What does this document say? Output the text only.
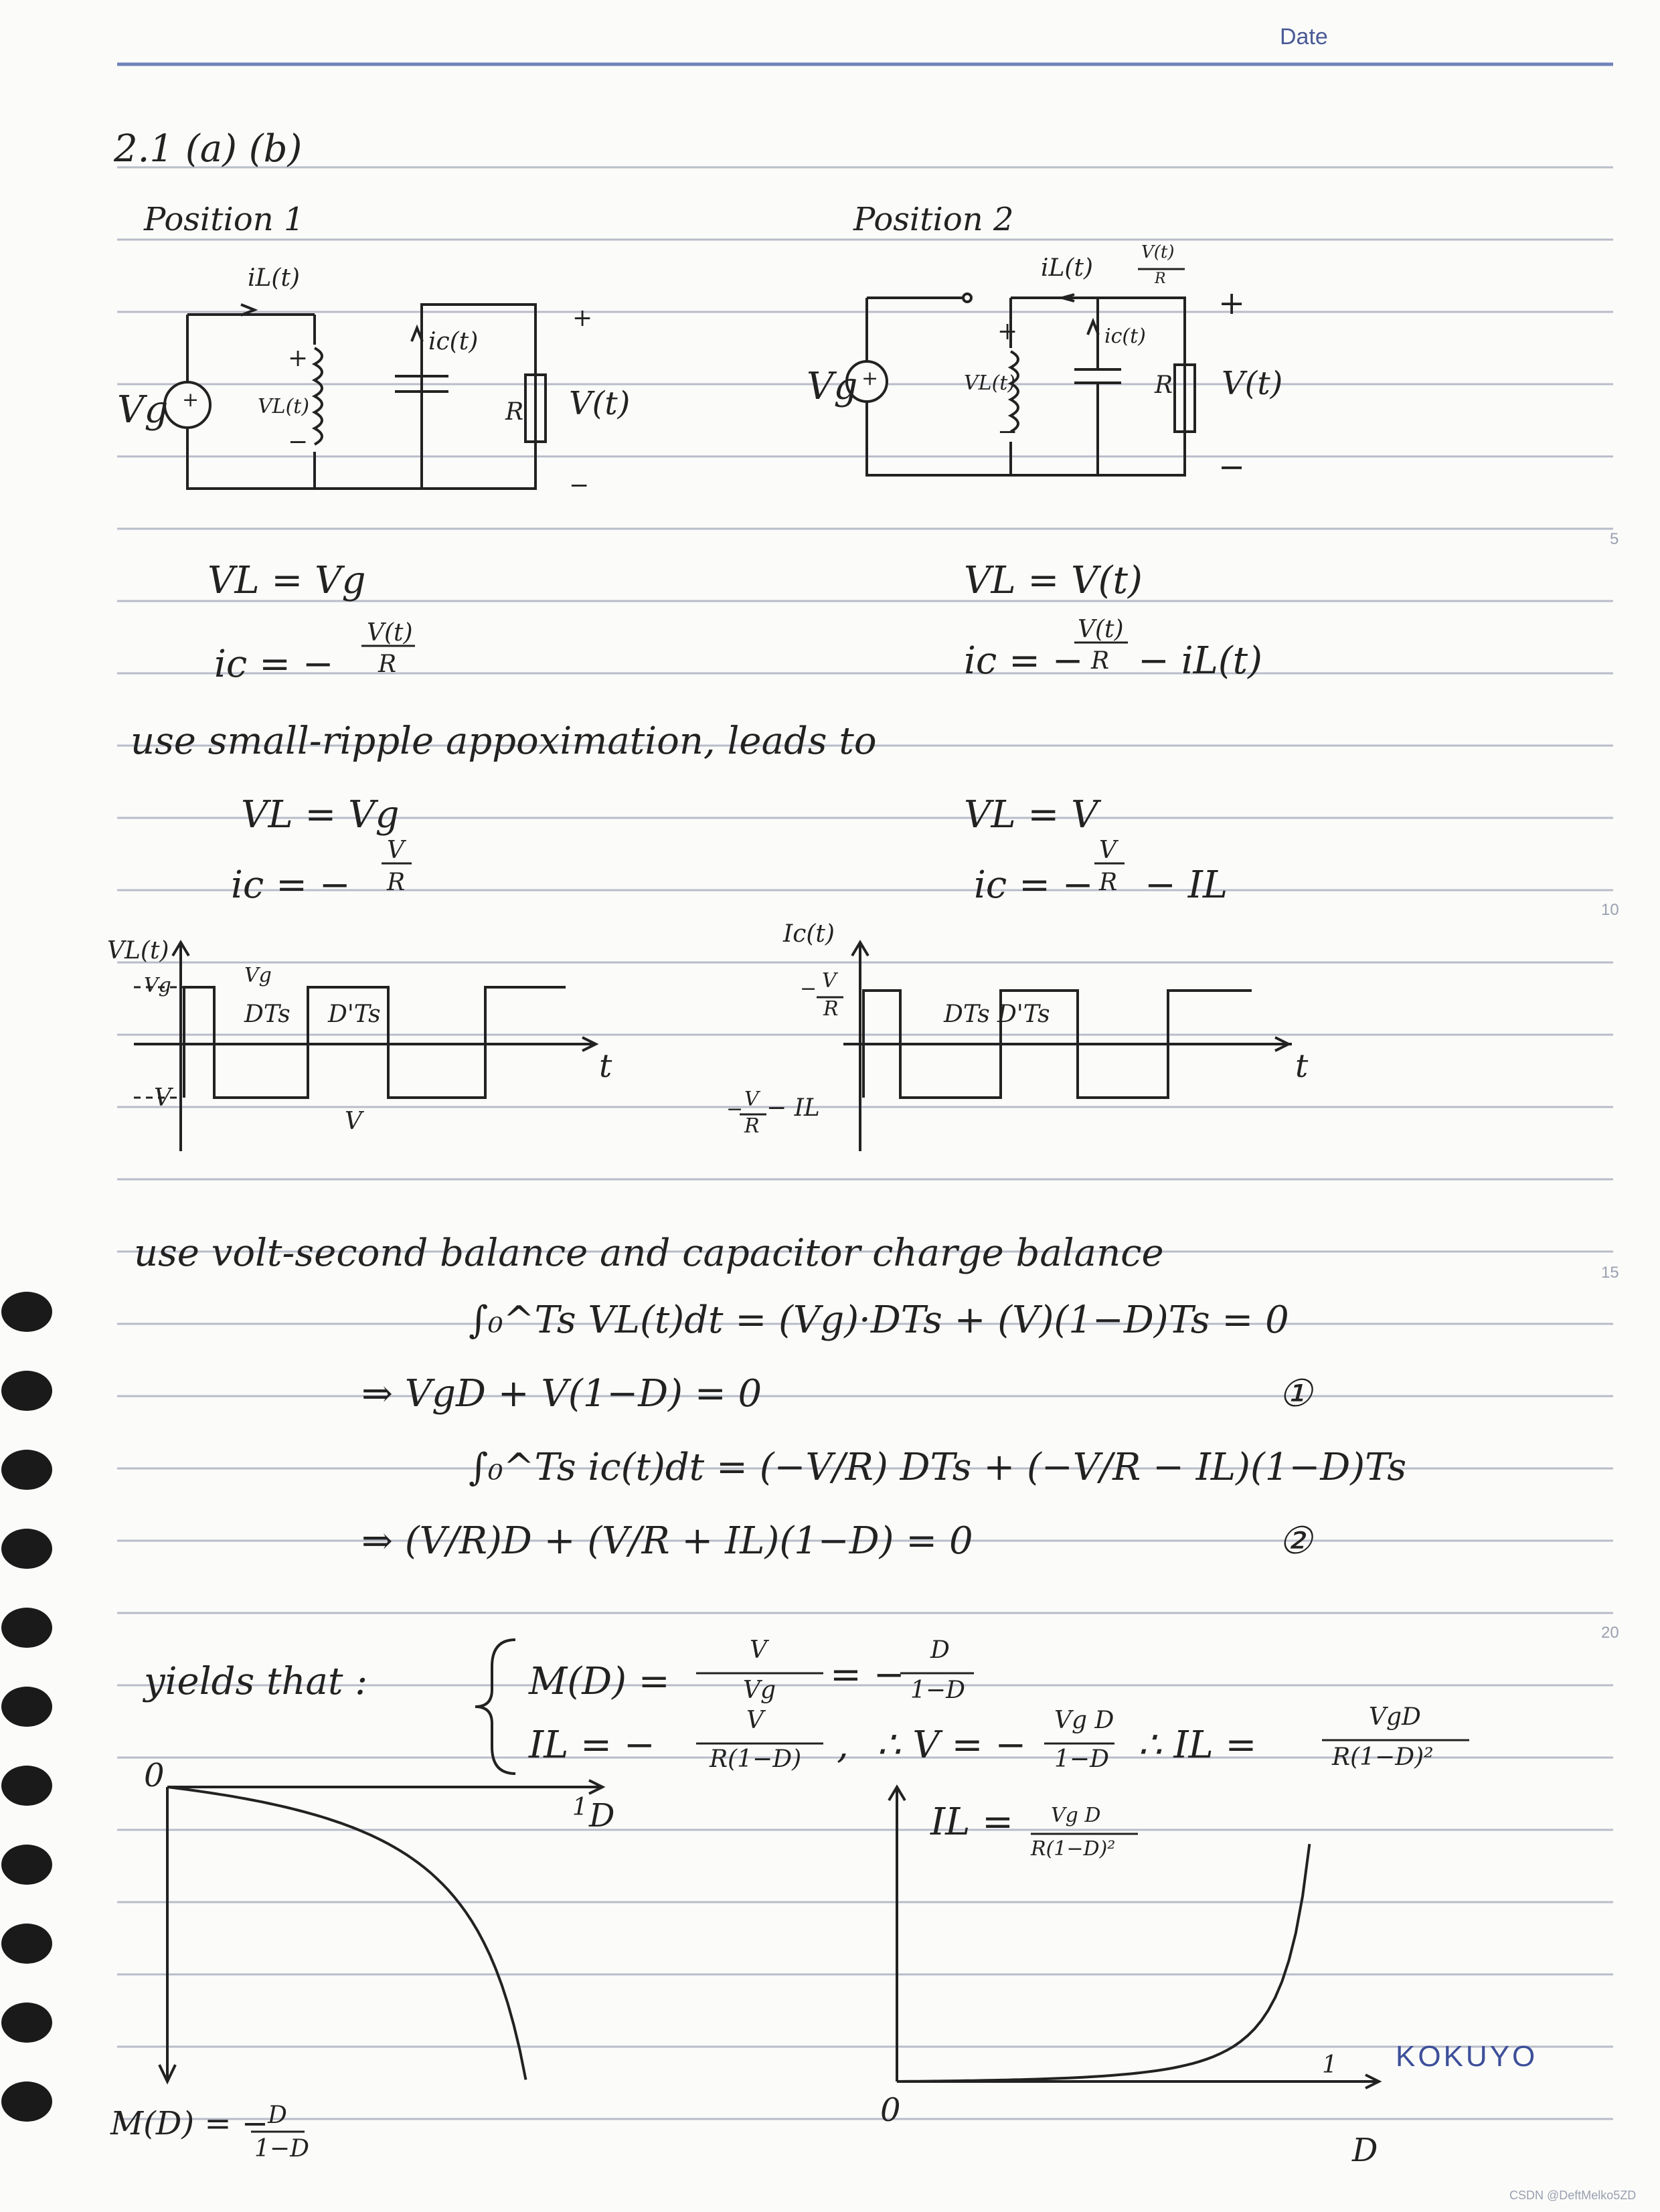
Date
KOKUYO
CSDN @DeftMelko5ZD
5
10
15
20
2.1 (a) (b)
Position 1
iL(t)
ic(t)
Vg	VL(t)
+
−
R V(t)
+
−
+
Position 2
iL(t)
V(t)
R
ic(t)
Vg	VL(t)
+
−
R V(t)
+
−
+
VL = Vg
ic = −
V(t)
R
VL = V(t)
ic = −
V(t)
R − iL(t)
use small-ripple appoximation, leads to
VL = Vg
ic = −
V
R
VL = V
ic = −
V
R − IL
VL(t)
Vg	Vg
V
V
DTs D'Ts
t
Ic(t)
− V
R
− V
R
− IL
DTs D'Ts
t
use volt-second balance and capacitor charge balance
∫₀^Ts VL(t)dt = (Vg)·DTs + (V)(1−D)Ts = 0
⇒ VgD + V(1−D) = 0	①
∫₀^Ts ic(t)dt = (−V/R) DTs + (−V/R − IL)(1−D)Ts
⇒ (V/R)D + (V/R + IL)(1−D) = 0	②
yields that :	M(D) =
V
Vg = −
D
1−D
IL = −
V
R(1−D) , ∴ V = −
Vg D
1−D ∴ IL =
VgD
R(1−D)²
0
1 D
M(D) = −
D
1−D
IL = Vg D
R(1−D)²
0
1
D
